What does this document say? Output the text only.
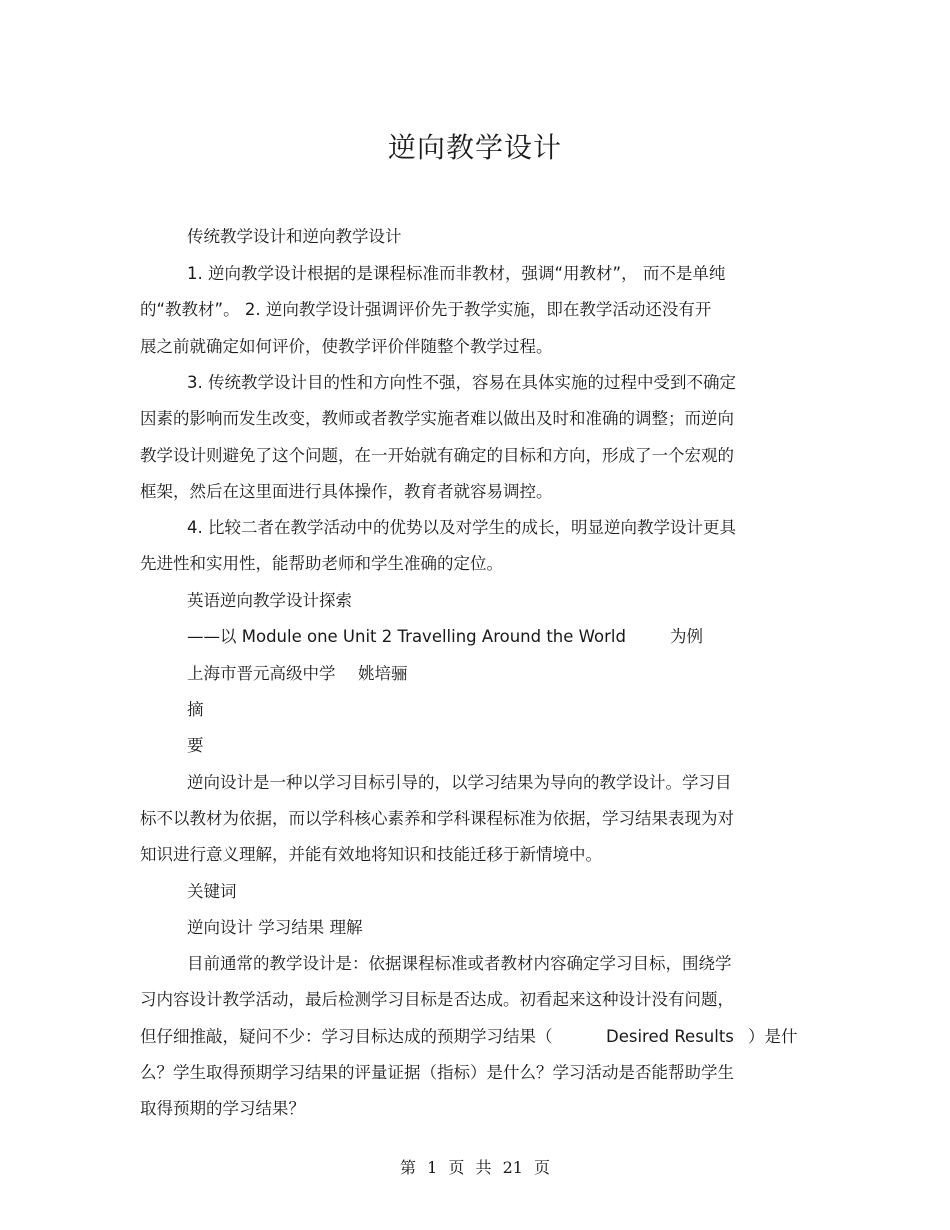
逆向教学设计
传统教学设计和逆向教学设计
1. 逆向教学设计根据的是课程标准而非教材，强调“用教材”， 而不是单纯
的“教教材”。 2. 逆向教学设计强调评价先于教学实施，即在教学活动还没有开
展之前就确定如何评价，使教学评价伴随整个教学过程。
3. 传统教学设计目的性和方向性不强，容易在具体实施的过程中受到不确定
因素的影响而发生改变，教师或者教学实施者难以做出及时和准确的调整；而逆向
教学设计则避免了这个问题，在一开始就有确定的目标和方向，形成了一个宏观的
框架，然后在这里面进行具体操作，教育者就容易调控。
4. 比较二者在教学活动中的优势以及对学生的成长，明显逆向教学设计更具
先进性和实用性，能帮助老师和学生准确的定位。
英语逆向教学设计探索
——以 Module one Unit 2 Travelling Around the World	为例
上海市晋元高级中学 姚培骊
摘
要
逆向设计是一种以学习目标引导的，以学习结果为导向的教学设计。学习目
标不以教材为依据，而以学科核心素养和学科课程标准为依据，学习结果表现为对
知识进行意义理解，并能有效地将知识和技能迁移于新情境中。
关键词
逆向设计 学习结果 理解
目前通常的教学设计是：依据课程标准或者教材内容确定学习目标，围绕学
习内容设计教学活动，最后检测学习目标是否达成。初看起来这种设计没有问题，
但仔细推敲，疑问不少：学习目标达成的预期学习结果（	Desired Results ）是什
么？学生取得预期学习结果的评量证据（指标）是什么？学习活动是否能帮助学生
取得预期的学习结果？
第 1 页 共 21 页
